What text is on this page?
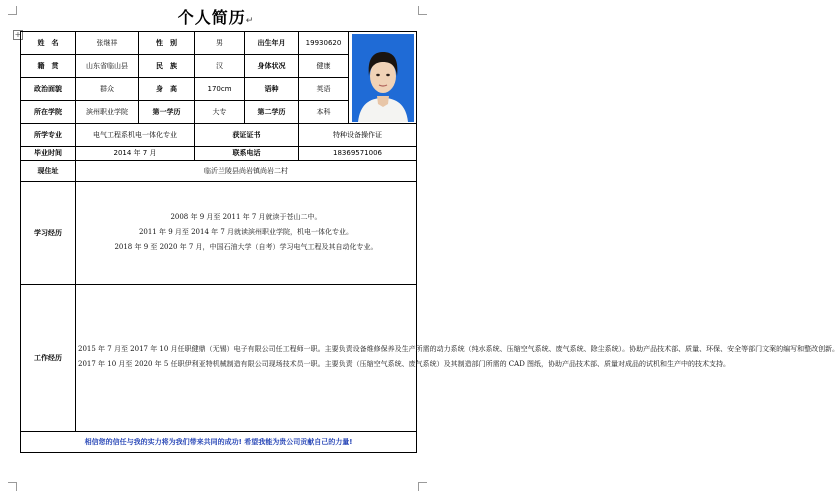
个人简历↵
+
姓　名	张继祥	性　别	男	出生年月	19930620	

籍　贯	山东省临山县	民　族	汉	身体状况	健康	
政治面貌	群众	身　高	170cm	语种	英语	
所在学院	滨州职业学院	第一学历	大专	第二学历	本科	
所学专业	电气工程系机电一体化专业		获证证书		特种设备操作证	
毕业时间	2014 年 7 月		联系电话		18369571006	
现住址	临沂兰陵县尚岩镇尚岩二村					
学习经历	2008 年 9 月至 2011 年 7 月就读于苍山二中。

2011 年 9 月至 2014 年 7 月就读滨州职业学院，机电一体化专业。

2018 年 9 至 2020 年 7 月，中国石油大学（自考）学习电气工程及其自动化专业。					

工作经历	2015 年 7 月至 2017 年 10 月任职健鼎（无锡）电子有限公司任工程师一职。主要负责设备维修保养及生产所需的动力系统（纯水系统、压缩空气系统、废气系统、除尘系统）。协助产品技术部、质量、环保、安全等部门文案的编写和整改创新。

2017 年 10 月至 2020 年 5 任职伊利亚特机械制造有限公司现场技术员一职。主要负责（压缩空气系统、废气系统）及其制造部门所需的 CAD 图纸，协助产品技术部、质量对成品的试机和生产中的技术支持。					

相信您的信任与我的实力将为我们带来共同的成功! 希望我能为贵公司贡献自己的力量!						
